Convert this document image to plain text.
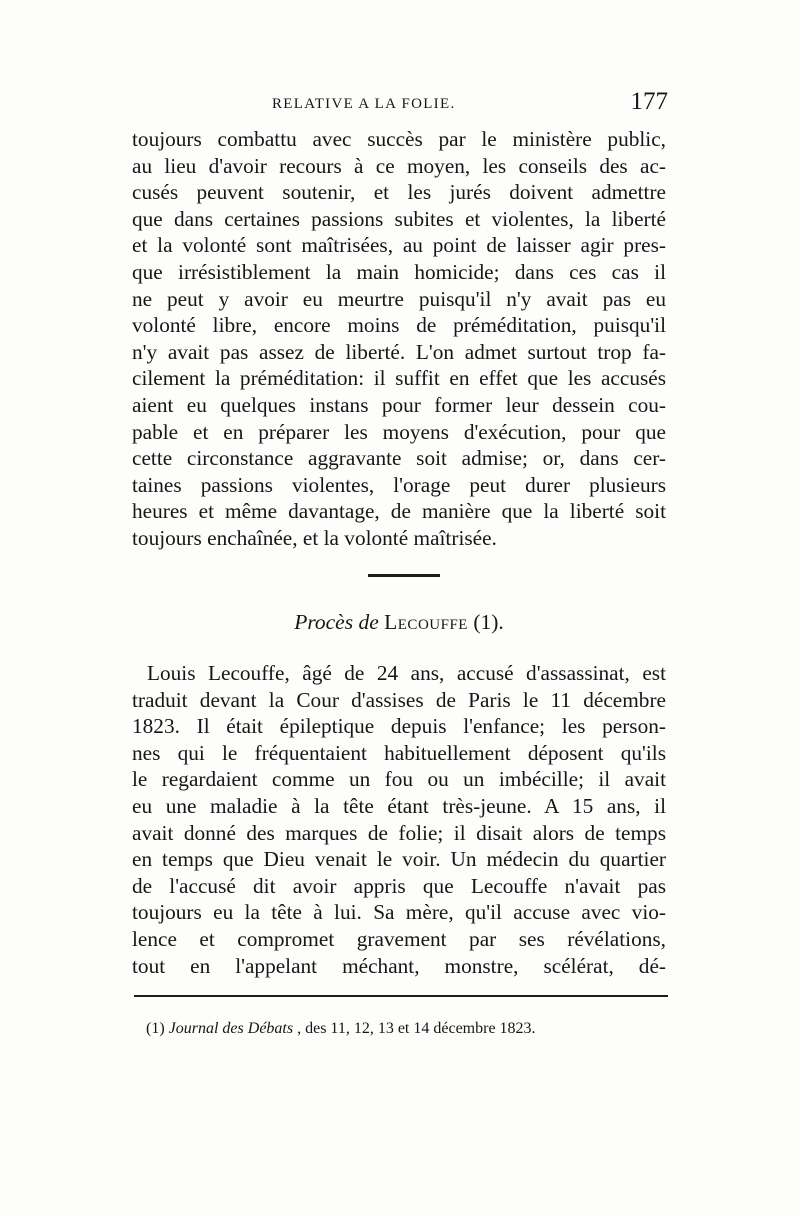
RELATIVE A LA FOLIE.	177
toujours combattu avec succès par le ministère public,
au lieu d'avoir recours à ce moyen, les conseils des ac-
cusés peuvent soutenir, et les jurés doivent admettre
que dans certaines passions subites et violentes, la liberté
et la volonté sont maîtrisées, au point de laisser agir pres-
que irrésistiblement la main homicide; dans ces cas il
ne peut y avoir eu meurtre puisqu'il n'y avait pas eu
volonté libre, encore moins de préméditation, puisqu'il
n'y avait pas assez de liberté. L'on admet surtout trop fa-
cilement la préméditation: il suffit en effet que les accusés
aient eu quelques instans pour former leur dessein cou-
pable et en préparer les moyens d'exécution, pour que
cette circonstance aggravante soit admise; or, dans cer-
taines passions violentes, l'orage peut durer plusieurs
heures et même davantage, de manière que la liberté soit
toujours enchaînée, et la volonté maîtrisée.
Procès de Lecouffe (1).
Louis Lecouffe, âgé de 24 ans, accusé d'assassinat, est
traduit devant la Cour d'assises de Paris le 11 décembre
1823. Il était épileptique depuis l'enfance; les person-
nes qui le fréquentaient habituellement déposent qu'ils
le regardaient comme un fou ou un imbécille; il avait
eu une maladie à la tête étant très-jeune. A 15 ans, il
avait donné des marques de folie; il disait alors de temps
en temps que Dieu venait le voir. Un médecin du quartier
de l'accusé dit avoir appris que Lecouffe n'avait pas
toujours eu la tête à lui. Sa mère, qu'il accuse avec vio-
lence et compromet gravement par ses révélations,
tout en l'appelant méchant, monstre, scélérat, dé-
(1) Journal des Débats , des 11, 12, 13 et 14 décembre 1823.
